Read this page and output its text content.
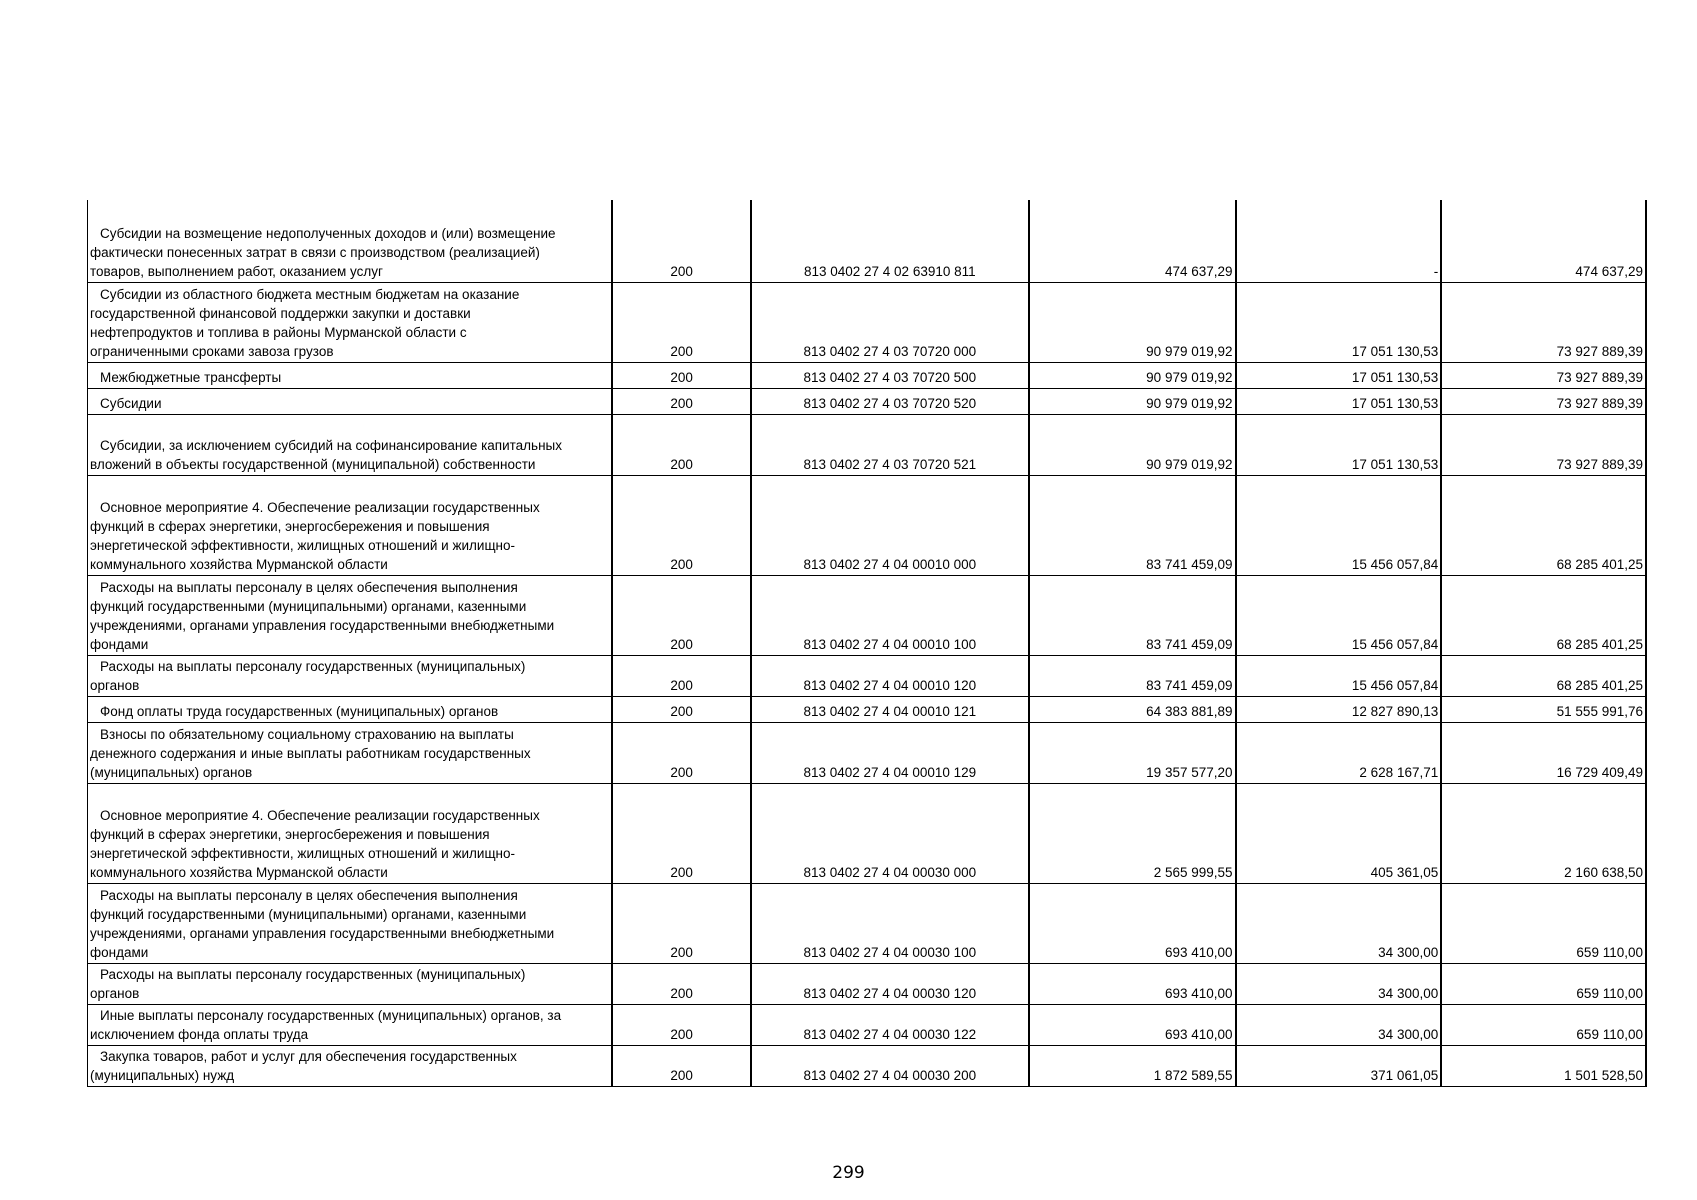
Субсидии на возмещение недополученных доходов и (или) возмещение
фактически понесенных затрат в связи с производством (реализацией)
товаров, выполнением работ, оказанием услуг	200	813 0402 27 4 02 63910 811	474 637,29	-	474 637,29

Субсидии из областного бюджета местным бюджетам на оказание
государственной финансовой поддержки закупки и доставки
нефтепродуктов и топлива в районы Мурманской области с
ограниченными сроками завоза грузов	200	813 0402 27 4 03 70720 000	90 979 019,92	17 051 130,53	73 927 889,39

Межбюджетные трансферты	200	813 0402 27 4 03 70720 500	90 979 019,92	17 051 130,53	73 927 889,39

Субсидии	200	813 0402 27 4 03 70720 520	90 979 019,92	17 051 130,53	73 927 889,39

Субсидии, за исключением субсидий на софинансирование капитальных
вложений в объекты государственной (муниципальной) собственности	200	813 0402 27 4 03 70720 521	90 979 019,92	17 051 130,53	73 927 889,39

Основное мероприятие 4. Обеспечение реализации государственных
функций в сферах энергетики, энергосбережения и повышения
энергетической эффективности, жилищных отношений и жилищно-
коммунального хозяйства Мурманской области	200	813 0402 27 4 04 00010 000	83 741 459,09	15 456 057,84	68 285 401,25

Расходы на выплаты персоналу в целях обеспечения выполнения
функций государственными (муниципальными) органами, казенными
учреждениями, органами управления государственными внебюджетными
фондами	200	813 0402 27 4 04 00010 100	83 741 459,09	15 456 057,84	68 285 401,25

Расходы на выплаты персоналу государственных (муниципальных)
органов	200	813 0402 27 4 04 00010 120	83 741 459,09	15 456 057,84	68 285 401,25

Фонд оплаты труда государственных (муниципальных) органов	200	813 0402 27 4 04 00010 121	64 383 881,89	12 827 890,13	51 555 991,76

Взносы по обязательному социальному страхованию на выплаты
денежного содержания и иные выплаты работникам государственных
(муниципальных) органов	200	813 0402 27 4 04 00010 129	19 357 577,20	2 628 167,71	16 729 409,49

Основное мероприятие 4. Обеспечение реализации государственных
функций в сферах энергетики, энергосбережения и повышения
энергетической эффективности, жилищных отношений и жилищно-
коммунального хозяйства Мурманской области	200	813 0402 27 4 04 00030 000	2 565 999,55	405 361,05	2 160 638,50

Расходы на выплаты персоналу в целях обеспечения выполнения
функций государственными (муниципальными) органами, казенными
учреждениями, органами управления государственными внебюджетными
фондами	200	813 0402 27 4 04 00030 100	693 410,00	34 300,00	659 110,00

Расходы на выплаты персоналу государственных (муниципальных)
органов	200	813 0402 27 4 04 00030 120	693 410,00	34 300,00	659 110,00

Иные выплаты персоналу государственных (муниципальных) органов, за
исключением фонда оплаты труда	200	813 0402 27 4 04 00030 122	693 410,00	34 300,00	659 110,00

Закупка товаров, работ и услуг для обеспечения государственных
(муниципальных) нужд	200	813 0402 27 4 04 00030 200	1 872 589,55	371 061,05	1 501 528,50
299
